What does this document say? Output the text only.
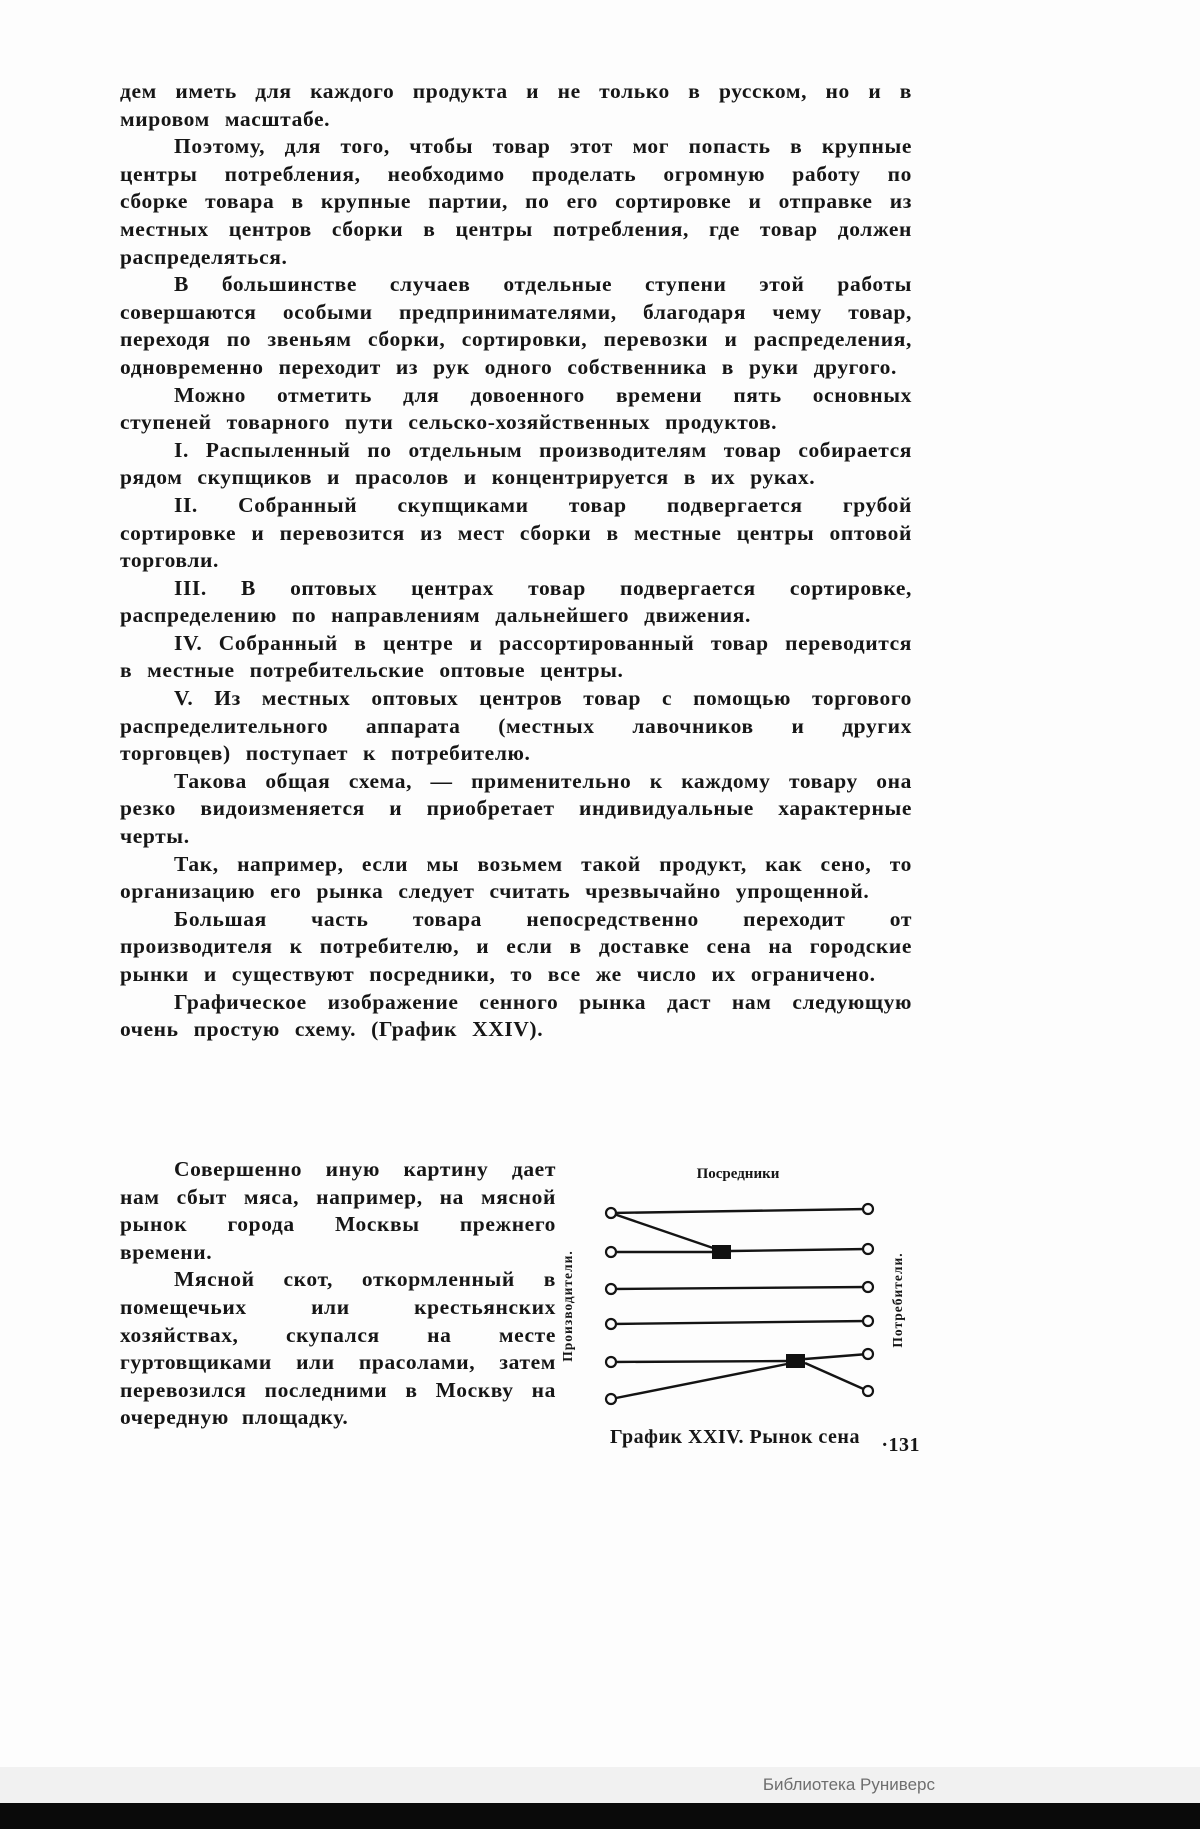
дем иметь для каждого продукта и не только в русском, но и в мировом масштабе.

Поэтому, для того, чтобы товар этот мог попасть в крупные центры потребления, необходимо проделать огромную работу по сборке товара в крупные партии, по его сортировке и отправке из местных центров сборки в центры потребления, где товар должен распределяться.

В большинстве случаев отдельные ступени этой работы совершаются особыми предпринимателями, благодаря чему товар, переходя по звеньям сборки, сортировки, перевозки и распределения, одновременно переходит из рук одного собственника в руки другого.

Можно отметить для довоенного времени пять основных ступеней товарного пути сельско-хозяйственных продуктов.

I. Распыленный по отдельным производителям товар собирается рядом скупщиков и прасолов и концентрируется в их руках.

II. Собранный скупщиками товар подвергается грубой сортировке и перевозится из мест сборки в местные центры оптовой торговли.

III. В оптовых центрах товар подвергается сортировке, распределению по направлениям дальнейшего движения.

IV. Собранный в центре и рассортированный товар переводится в местные потребительские оптовые центры.

V. Из местных оптовых центров товар с помощью торгового распределительного аппарата (местных лавочников и других торговцев) поступает к потребителю.

Такова общая схема, — применительно к каждому товару она резко видоизменяется и приобретает индивидуальные характерные черты.

Так, например, если мы возьмем такой продукт, как сено, то организацию его рынка следует считать чрезвычайно упрощенной.

Большая часть товара непосредственно переходит от производителя к потребителю, и если в доставке сена на городские рынки и существуют посредники, то все же число их ограничено.

Графическое изображение сенного рынка даст нам следующую очень простую схему. (График XXIV).

Совершенно иную картину дает нам сбыт мяса, например, на мясной рынок города Москвы прежнего времени.

Мясной скот, откормленный в помещечьих или крестьянских хозяйствах, скупался на месте гуртовщиками или прасолами, затем перевозился последними в Москву на очередную площадку.

Посредники
Производители.	Потребители.
График XXIV. Рынок сена ·131
Библиотека Руниверс
